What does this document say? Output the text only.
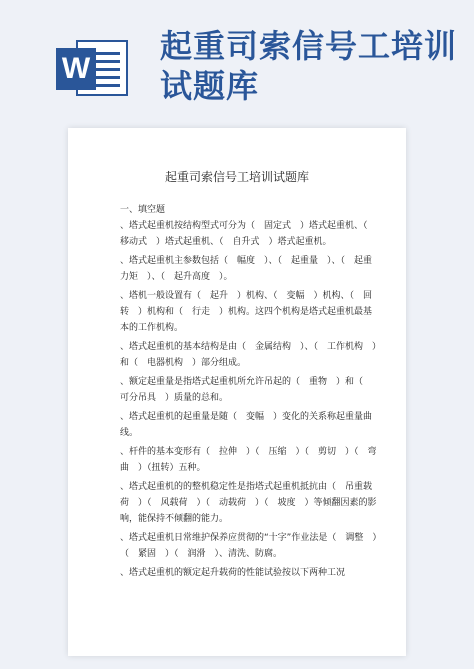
W
起重司索信号工培训试题库
起重司索信号工培训试题库
一、填空题
、塔式起重机按结构型式可分为（　固定式　）塔式起重机、（　移动式　）塔式起重机、（　自升式　）塔式起重机。
、塔式起重机主参数包括（　幅度　）、（　起重量　）、（　起重力矩　）、（　起升高度　）。
、塔机一般设置有（　起升　）机构、（　变幅　）机构、（　回转　）机构和（　行走　）机构。这四个机构是塔式起重机最基本的工作机构。
、塔式起重机的基本结构是由（　金属结构　）、（　工作机构　）和（　电器机构　）部分组成。
、额定起重量是指塔式起重机所允许吊起的（　重物　）和（　可分吊具　）质量的总和。
、塔式起重机的起重量是随（　变幅　）变化的关系称起重量曲线。
、杆件的基本变形有（　拉伸　）（　压缩　）（　剪切　）（　弯曲　）（扭转）五种。
、塔式起重机的的整机稳定性是指塔式起重机抵抗由（　吊重载荷　）（　风载荷　）（　动载荷　）（　坡度　）等倾翻因素的影响，能保持不倾翻的能力。
、塔式起重机日常维护保养应贯彻的“十字”作业法是（　调整　）（　紧固　）（　润滑　）、清洗、防腐。
、塔式起重机的额定起升载荷的性能试验按以下两种工况
